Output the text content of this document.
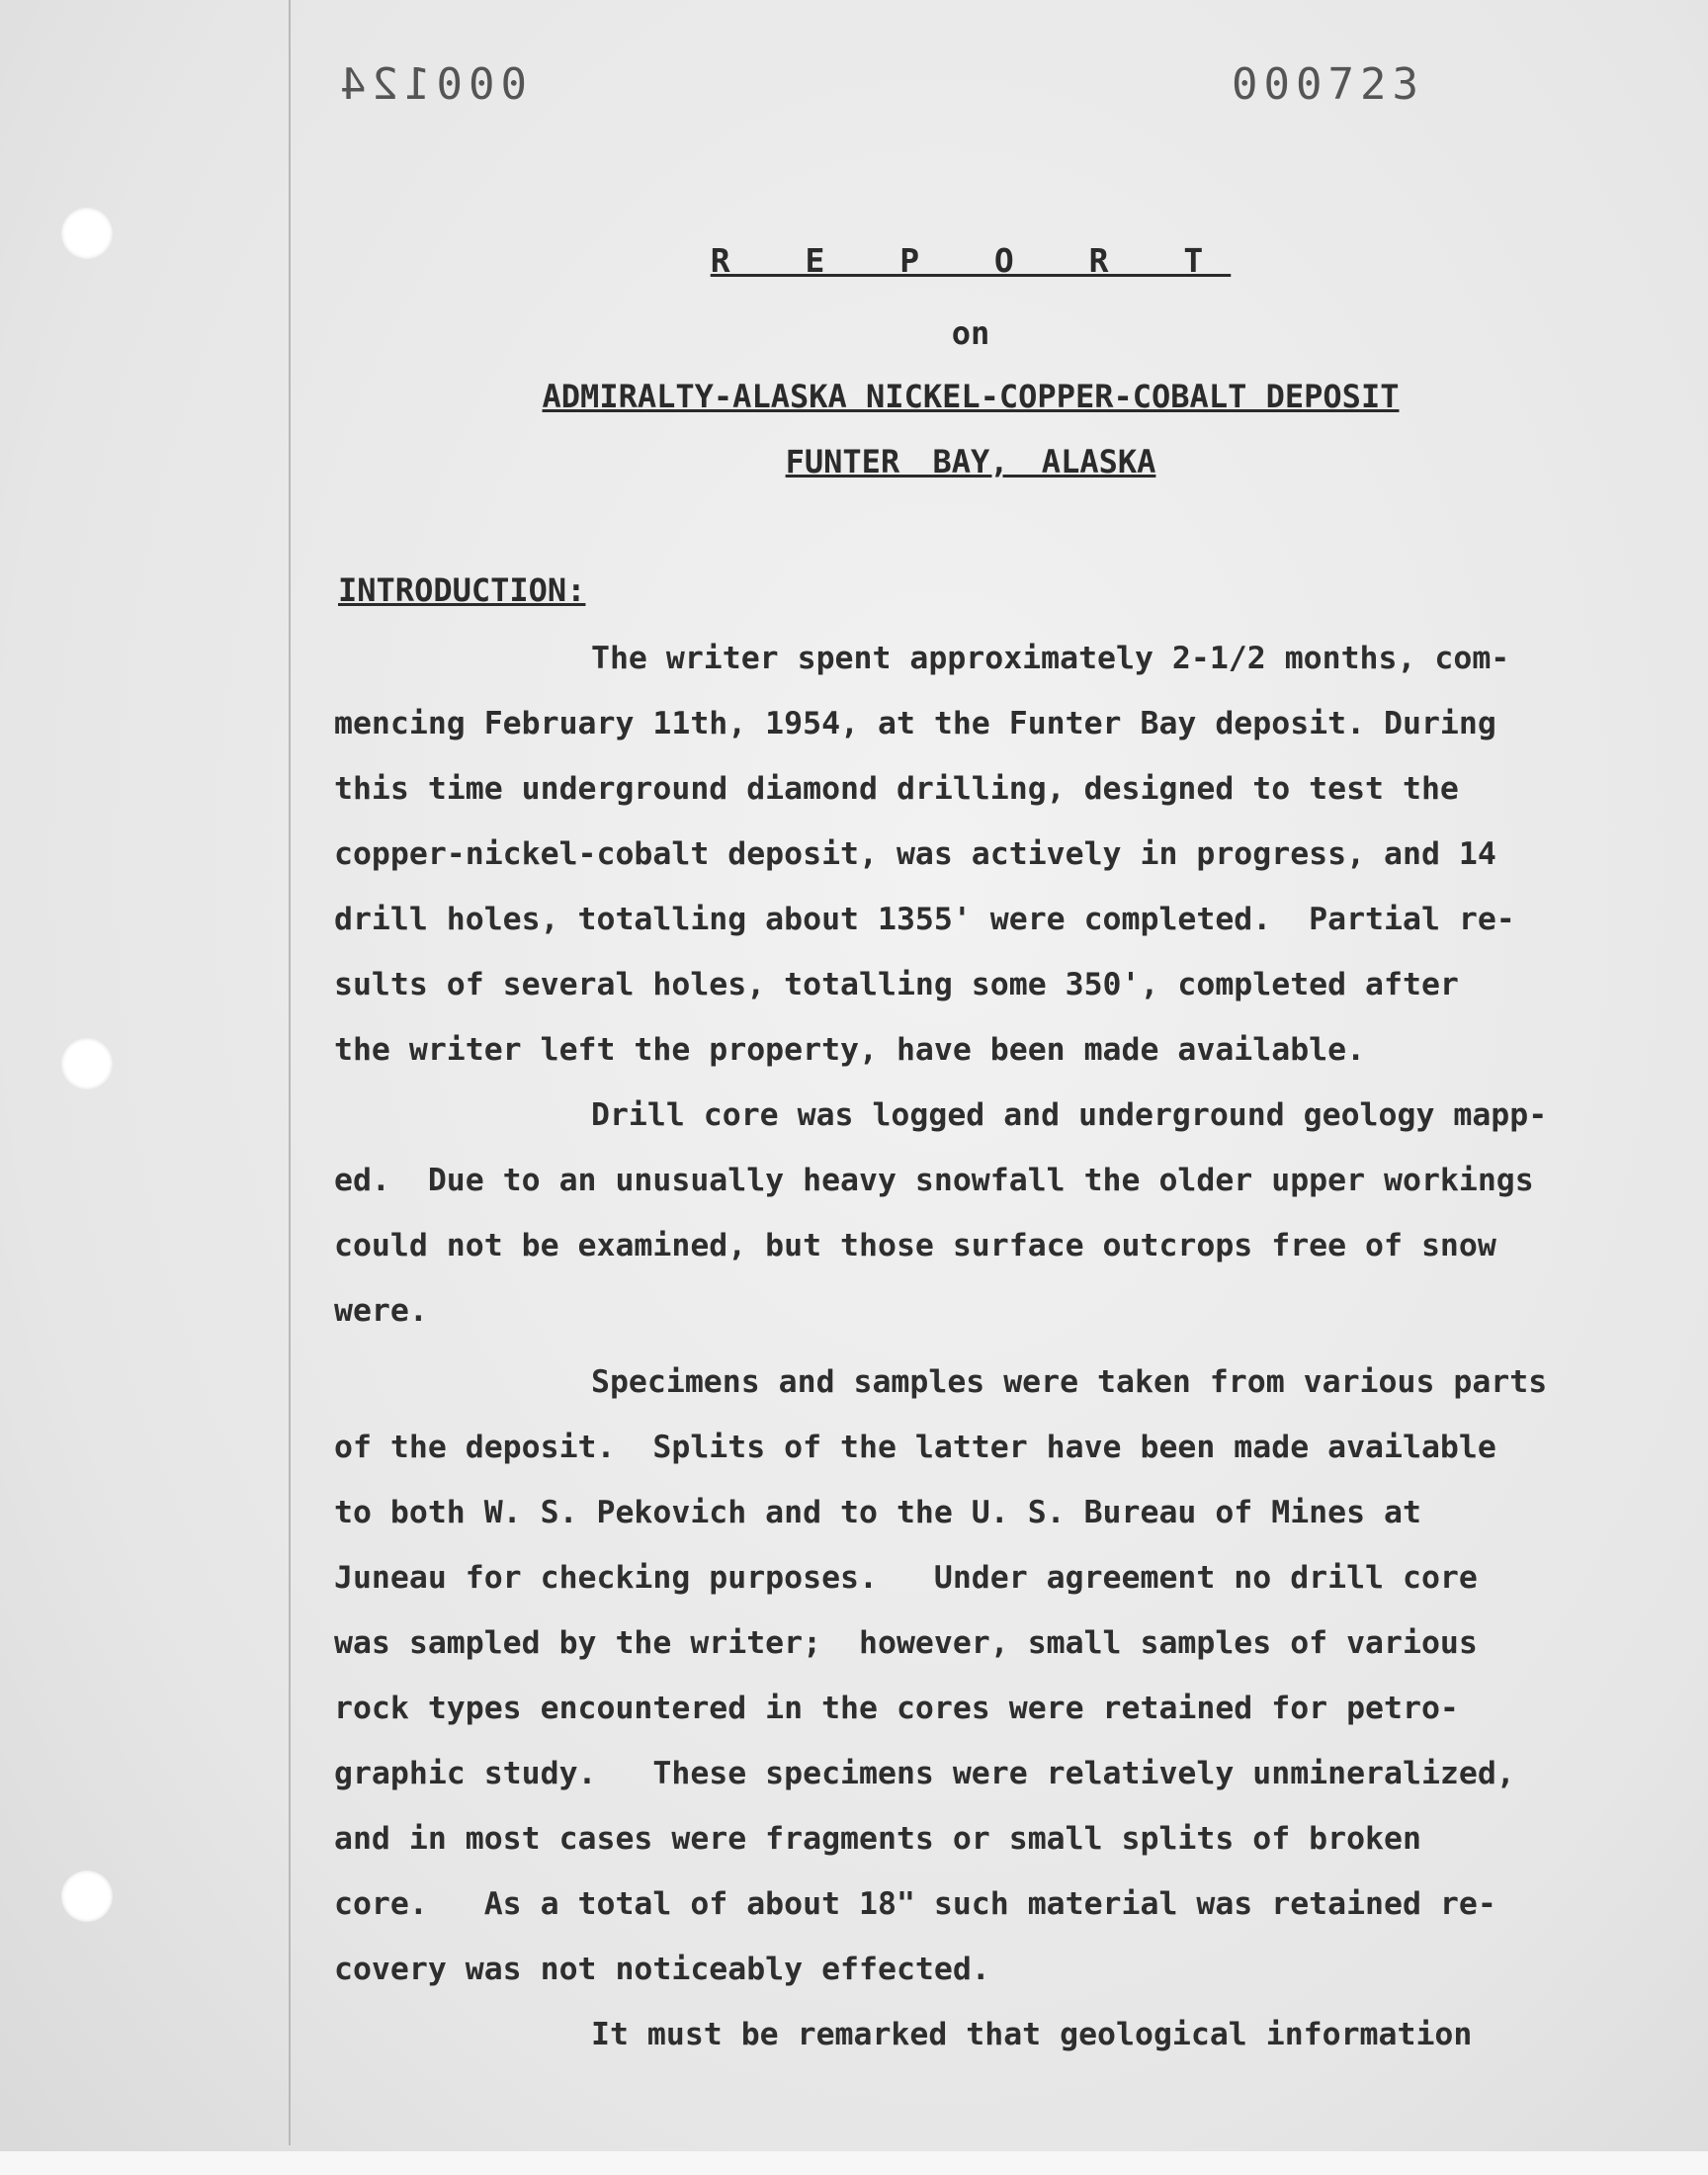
000124	000723
R E P O R T
on
ADMIRALTY-ALASKA NICKEL-COPPER-COBALT DEPOSIT
FUNTER BAY, ALASKA
INTRODUCTION:
The writer spent approximately 2-1/2 months, com-
mencing February 11th, 1954, at the Funter Bay deposit. During
this time underground diamond drilling, designed to test the
copper-nickel-cobalt deposit, was actively in progress, and 14
drill holes, totalling about 1355' were completed.  Partial re-
sults of several holes, totalling some 350', completed after
the writer left the property, have been made available.
Drill core was logged and underground geology mapp-
ed.  Due to an unusually heavy snowfall the older upper workings
could not be examined, but those surface outcrops free of snow
were.
Specimens and samples were taken from various parts
of the deposit.  Splits of the latter have been made available
to both W. S. Pekovich and to the U. S. Bureau of Mines at
Juneau for checking purposes.   Under agreement no drill core
was sampled by the writer;  however, small samples of various
rock types encountered in the cores were retained for petro-
graphic study.   These specimens were relatively unmineralized,
and in most cases were fragments or small splits of broken
core.   As a total of about 18" such material was retained re-
covery was not noticeably effected.
It must be remarked that geological information
